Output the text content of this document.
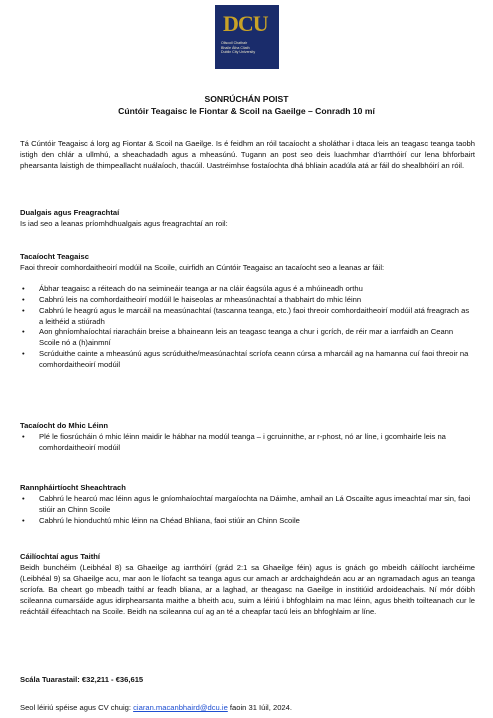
DCU
Ollscoil Chathair
Bhaile Átha Cliath
Dublin City University
SONRÚCHÁN POIST
Cúntóir Teagaisc le Fiontar & Scoil na Gaeilge – Conradh 10 mí
Tá Cúntóir Teagaisc á lorg ag Fiontar & Scoil na Gaeilge. Is é feidhm an róil tacaíocht a sholáthar i dtaca leis an teagasc teanga taobh istigh den chlár a ullmhú, a sheachadadh agus a mheasúnú. Tugann an post seo deis luachmhar d'iarrthóirí cur lena bhforbairt phearsanta laistigh de thimpeallacht nuálaíoch, thacúil. Uastréimhse fostaíochta dhá bhliain acadúla atá ar fáil do shealbhóirí an róil.
Dualgais agus Freagrachtaí
Is iad seo a leanas príomhdhualgais agus freagrachtaí an roil:
Tacaíocht Teagaisc
Faoi threoir comhordaitheoirí modúil na Scoile, cuirfidh an Cúntóir Teagaisc an tacaíocht seo a leanas ar fáil:
• Ábhar teagaisc a réiteach do na seimineáir teanga ar na cláir éagsúla agus é a mhúineadh orthu
• Cabhrú leis na comhordaitheoirí modúil le haiseolas ar mheasúnachtaí a thabhairt do mhic léinn
• Cabhrú le heagrú agus le marcáil na measúnachtaí (tascanna teanga, etc.) faoi threoir comhordaitheoirí modúil atá freagrach as a leithéid a stiúradh
• Aon ghníomhaíochtaí riaracháin breise a bhaineann leis an teagasc teanga a chur i gcrích, de réir mar a iarrfaidh an Ceann Scoile nó a (h)ainmní
• Scrúduithe cainte a mheasúnú agus scrúduithe/measúnachtaí scríofa ceann cúrsa a mharcáil ag na hamanna cuí faoi threoir na comhordaitheoirí modúil
Tacaíocht do Mhic Léinn
• Plé le fiosrúcháin ó mhic léinn maidir le hábhar na modúl teanga – i gcruinnithe, ar r-phost, nó ar líne, i gcomhairle leis na comhordaitheoirí modúil
Rannpháirtíocht Sheachtrach
• Cabhrú le hearcú mac léinn agus le gníomhaíochtaí margaíochta na Dáimhe, amhail an Lá Oscailte agus imeachtaí mar sin, faoi stiúir an Chinn Scoile
• Cabhrú le hionduchtú mhic léinn na Chéad Bhliana, faoi stiúir an Chinn Scoile
Cáilíochtaí agus Taithí
Beidh bunchéim (Leibhéal 8) sa Ghaeilge ag iarrthóirí (grád 2:1 sa Ghaeilge féin) agus is gnách go mbeidh cáilíocht iarchéime (Leibhéal 9) sa Ghaeilge acu, mar aon le líofacht sa teanga agus cur amach ar ardchaighdeán acu ar an ngramadach agus an teanga scríofa. Ba cheart go mbeadh taithí ar feadh bliana, ar a laghad, ar theagasc na Gaeilge in institiúid ardoideachais. Ní mór dóibh scileanna cumarsáide agus idirphearsanta maithe a bheith acu, suim a léiriú i bhfoghlaim na mac léinn, agus bheith toilteanach cur le reáchtáil éifeachtach na Scoile. Beidh na scileanna cuí ag an té a cheapfar tacú leis an bhfoghlaim ar líne.
Scála Tuarastail: €32,211 - €36,615
Seol léiriú spéise agus CV chuig: ciaran.macanbhaird@dcu.ie faoin 31 Iúil, 2024.
